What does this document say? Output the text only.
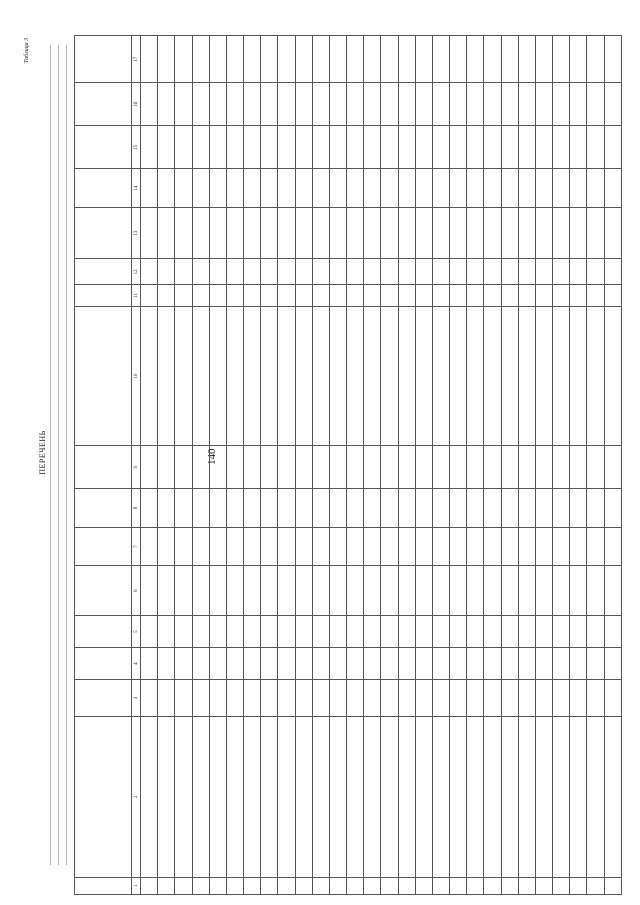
140
Таблица 3
ПЕРЕЧЕНЬ

1	2	3	4	5	6	7	8	9	10	11	12	13	14	15	16	17
